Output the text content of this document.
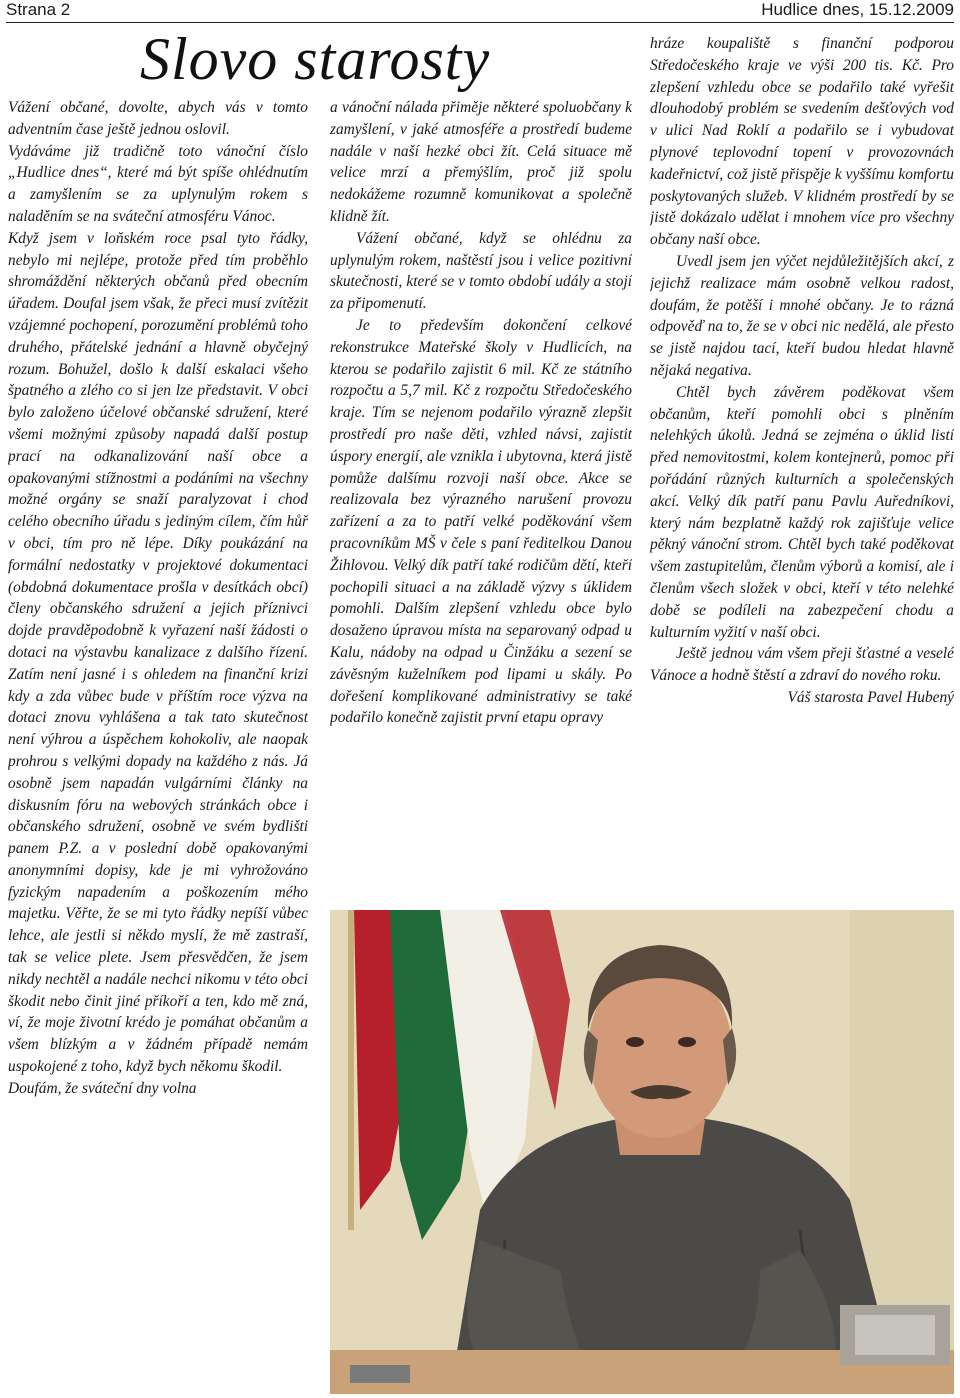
Strana 2	Hudlice dnes, 15.12.2009
Slovo starosty

Vážení občané, dovolte, abych vás v tomto adventním čase ještě jednou oslovil.

Vydáváme již tradičně toto vánoční číslo „Hudlice dnes“, které má být spíše ohlédnutím a zamyšlením se za uplynulým rokem s naladěním se na sváteční atmosféru Vánoc.

Když jsem v loňském roce psal tyto řádky, nebylo mi nejlépe, protože před tím proběhlo shromáždění některých občanů před obecním úřadem. Doufal jsem však, že přeci musí zvítězit vzájemné pochopení, porozumění problémů toho druhého, přátelské jednání a hlavně obyčejný rozum. Bohužel, došlo k další eskalaci všeho špatného a zlého co si jen lze představit. V obci bylo založeno účelové občanské sdružení, které všemi možnými způsoby napadá další postup prací na odkanalizování naší obce a opakovanými stížnostmi a podáními na všechny možné orgány se snaží paralyzovat i chod celého obecního úřadu s jediným cílem, čím hůř v obci, tím pro ně lépe. Díky poukázání na formální nedostatky v projektové dokumentaci (obdobná dokumentace prošla v desítkách obcí) členy občanského sdružení a jejich příznivci dojde pravděpodobně k vyřazení naší žádosti o dotaci na výstavbu kanalizace z dalšího řízení. Zatím není jasné i s ohledem na finanční krizi kdy a zda vůbec bude v příštím roce výzva na dotaci znovu vyhlášena a tak tato skutečnost není výhrou a úspěchem kohokoliv, ale naopak prohrou s velkými dopady na každého z nás. Já osobně jsem napadán vulgárními články na diskusním fóru na webových stránkách obce i občanského sdružení, osobně ve svém bydlišti panem P.Z. a v poslední době opakovanými anonymními dopisy, kde je mi vyhrožováno fyzickým napadením a poškozením mého majetku. Věřte, že se mi tyto řádky nepíší vůbec lehce, ale jestli si někdo myslí, že mě zastraší, tak se velice plete. Jsem přesvědčen, že jsem nikdy nechtěl a nadále nechci nikomu v této obci škodit nebo činit jiné příkoří a ten, kdo mě zná, ví, že moje životní krédo je pomáhat občanům a všem blízkým a v žádném případě nemám uspokojené z toho, když bych někomu škodil.

Doufám, že sváteční dny volna

a vánoční nálada přiměje některé spoluobčany k zamyšlení, v jaké atmosféře a prostředí budeme nadále v naší hezké obci žít. Celá situace mě velice mrzí a přemýšlím, proč již spolu nedokážeme rozumně komunikovat a společně klidně žít.

Vážení občané, když se ohlédnu za uplynulým rokem, naštěstí jsou i velice pozitivní skutečnosti, které se v tomto období udály a stojí za připomenutí.

Je to především dokončení celkové rekonstrukce Mateřské školy v Hudlicích, na kterou se podařilo zajistit 6 mil. Kč ze státního rozpočtu a 5,7 mil. Kč z rozpočtu Středočeského kraje. Tím se nejenom podařilo výrazně zlepšit prostředí pro naše děti, vzhled návsi, zajistit úspory energií, ale vznikla i ubytovna, která jistě pomůže dalšímu rozvoji naší obce. Akce se realizovala bez výrazného narušení provozu zařízení a za to patří velké poděkování všem pracovníkům MŠ v čele s paní ředitelkou Danou Žihlovou. Velký dík patří také rodičům dětí, kteří pochopili situaci a na základě výzvy s úklidem pomohli. Dalším zlepšení vzhledu obce bylo dosaženo úpravou místa na separovaný odpad u Kalu, nádoby na odpad u Činžáku a sezení se závěsným kuželníkem pod lipami u skály. Po dořešení komplikované administrativy se také podařilo konečně zajistit první etapu opravy

hráze koupaliště s finanční podporou Středočeského kraje ve výši 200 tis. Kč. Pro zlepšení vzhledu obce se podařilo také vyřešit dlouhodobý problém se svedením dešťových vod v ulici Nad Roklí a podařilo se i vybudovat plynové teplovodní topení v provozovnách kadeřnictví, což jistě přispěje k vyššímu komfortu poskytovaných služeb. V klidném prostředí by se jistě dokázalo udělat i mnohem více pro všechny občany naší obce.

Uvedl jsem jen výčet nejdůležitějších akcí, z jejichž realizace mám osobně velkou radost, doufám, že potěší i mnohé občany. Je to rázná odpověď na to, že se v obci nic nedělá, ale přesto se jistě najdou tací, kteří budou hledat hlavně nějaká negativa.

Chtěl bych závěrem poděkovat všem občanům, kteří pomohli obci s plněním nelehkých úkolů. Jedná se zejména o úklid listí před nemovitostmi, kolem kontejnerů, pomoc při pořádání různých kulturních a společenských akcí. Velký dík patří panu Pavlu Auředníkovi, který nám bezplatně každý rok zajišťuje velice pěkný vánoční strom. Chtěl bych také poděkovat všem zastupitelům, členům výborů a komisí, ale i členům všech složek v obci, kteří v této nelehké době se podíleli na zabezpečení chodu a kulturním vyžití v naší obci.

Ještě jednou vám všem přeji šťastné a veselé Vánoce a hodně štěstí a zdraví do nového roku.

Váš starosta Pavel Hubený
